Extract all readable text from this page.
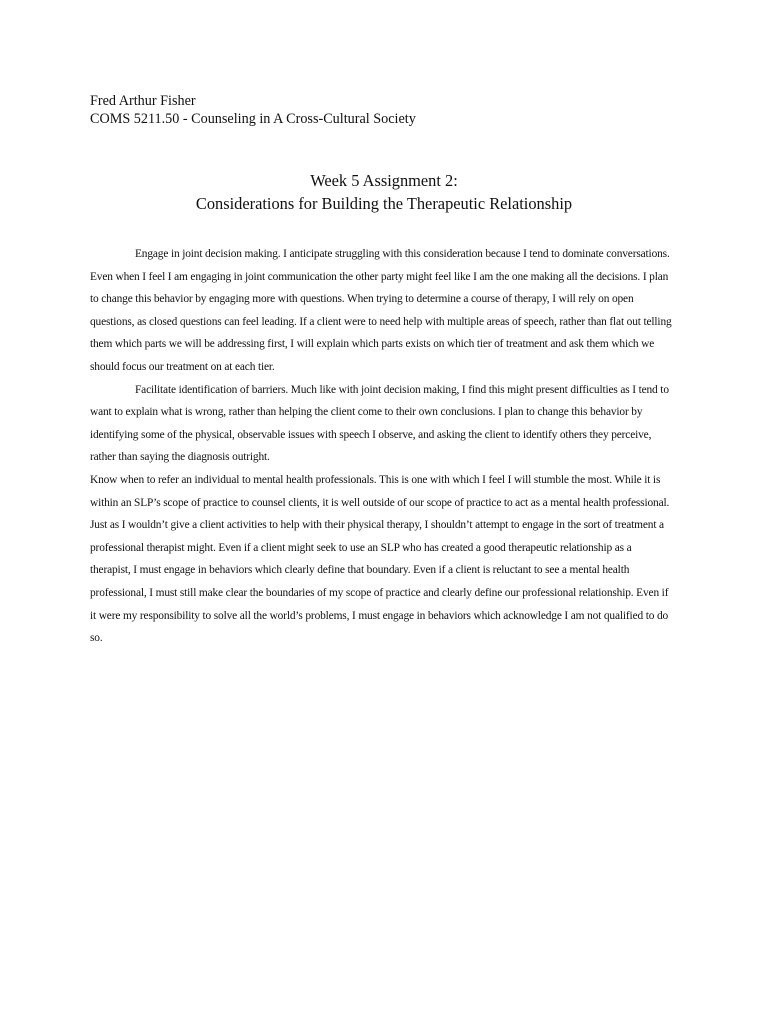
Fred Arthur Fisher
COMS 5211.50 - Counseling in A Cross-Cultural Society
Week 5 Assignment 2:
Considerations for Building the Therapeutic Relationship

Engage in joint decision making. I anticipate struggling with this consideration because I tend to dominate conversations. Even when I feel I am engaging in joint communication the other party might feel like I am the one making all the decisions. I plan to change this behavior by engaging more with questions. When trying to determine a course of therapy, I will rely on open questions, as closed questions can feel leading. If a client were to need help with multiple areas of speech, rather than flat out telling them which parts we will be addressing first, I will explain which parts exists on which tier of treatment and ask them which we should focus our treatment on at each tier.

Facilitate identification of barriers. Much like with joint decision making, I find this might present difficulties as I tend to want to explain what is wrong, rather than helping the client come to their own conclusions. I plan to change this behavior by identifying some of the physical, observable issues with speech I observe, and asking the client to identify others they perceive, rather than saying the diagnosis outright.

Know when to refer an individual to mental health professionals. This is one with which I feel I will stumble the most. While it is within an SLP’s scope of practice to counsel clients, it is well outside of our scope of practice to act as a mental health professional. Just as I wouldn’t give a client activities to help with their physical therapy, I shouldn’t attempt to engage in the sort of treatment a professional therapist might. Even if a client might seek to use an SLP who has created a good therapeutic relationship as a therapist, I must engage in behaviors which clearly define that boundary. Even if a client is reluctant to see a mental health professional, I must still make clear the boundaries of my scope of practice and clearly define our professional relationship. Even if it were my responsibility to solve all the world’s problems, I must engage in behaviors which acknowledge I am not qualified to do so.
